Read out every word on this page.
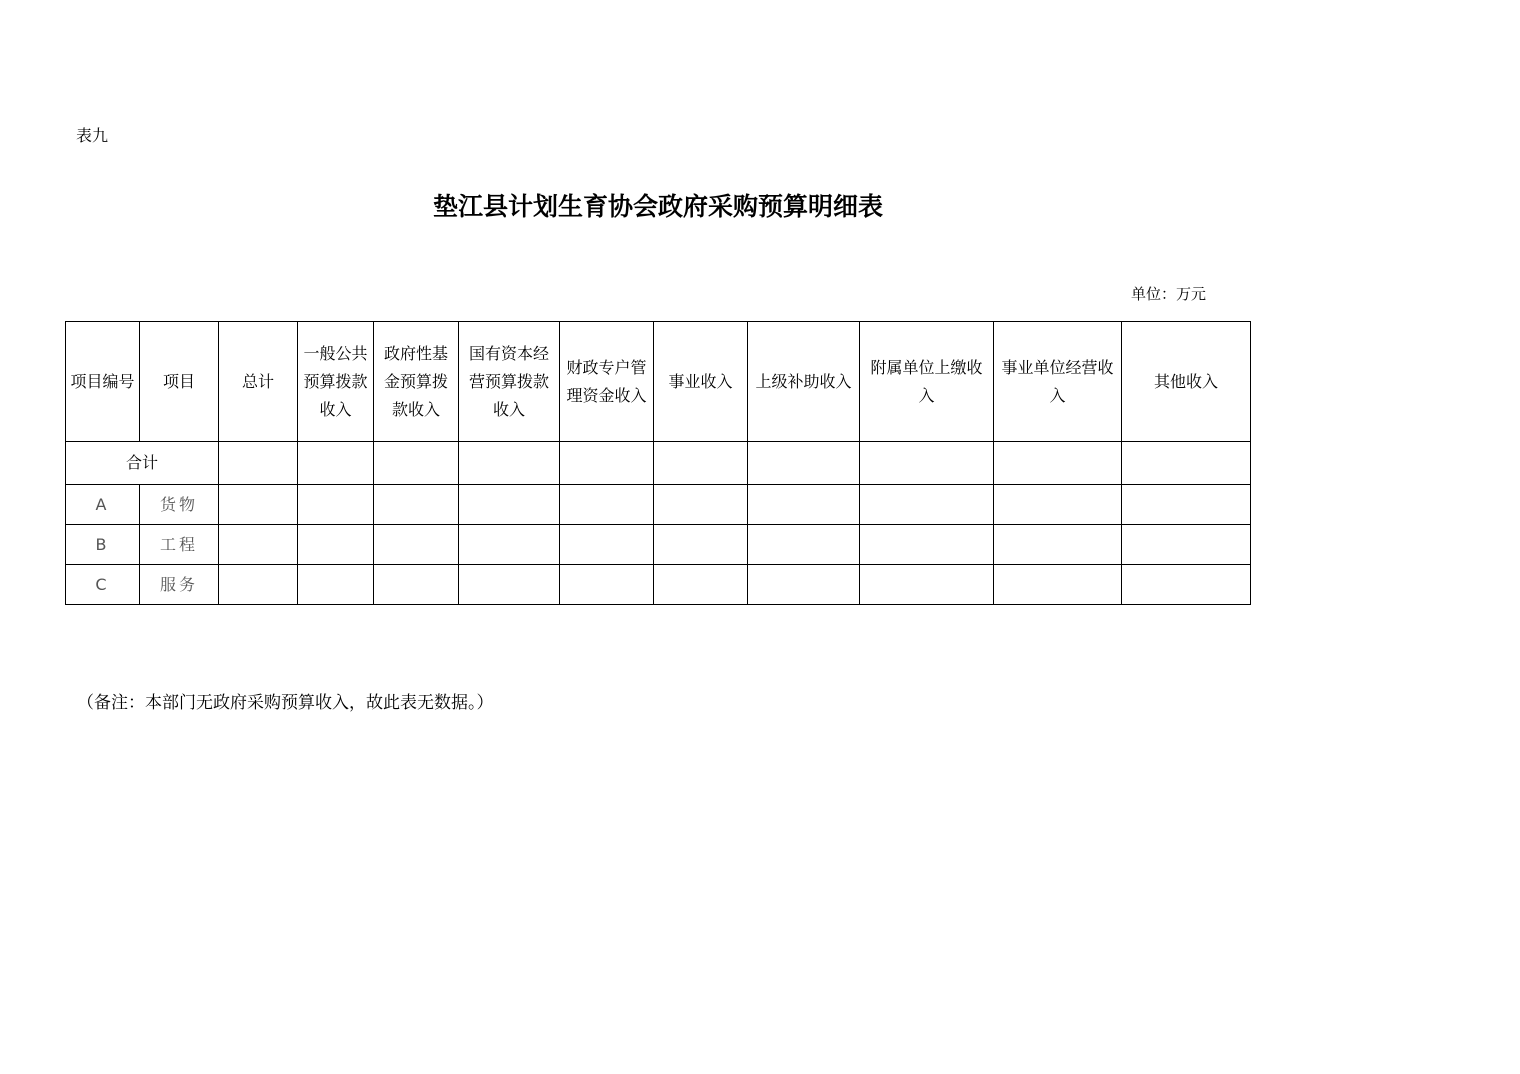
表九
垫江县计划生育协会政府采购预算明细表
单位：万元
项目编号	项目	总计	一般公共预算拨款收入	政府性基金预算拨款收入	国有资本经营预算拨款收入	财政专户管理资金收入	事业收入	上级补助收入	附属单位上缴收入	事业单位经营收入	其他收入
合计											
A	货物										
B	工程										
C	服务										
（备注：本部门无政府采购预算收入，故此表无数据。）
